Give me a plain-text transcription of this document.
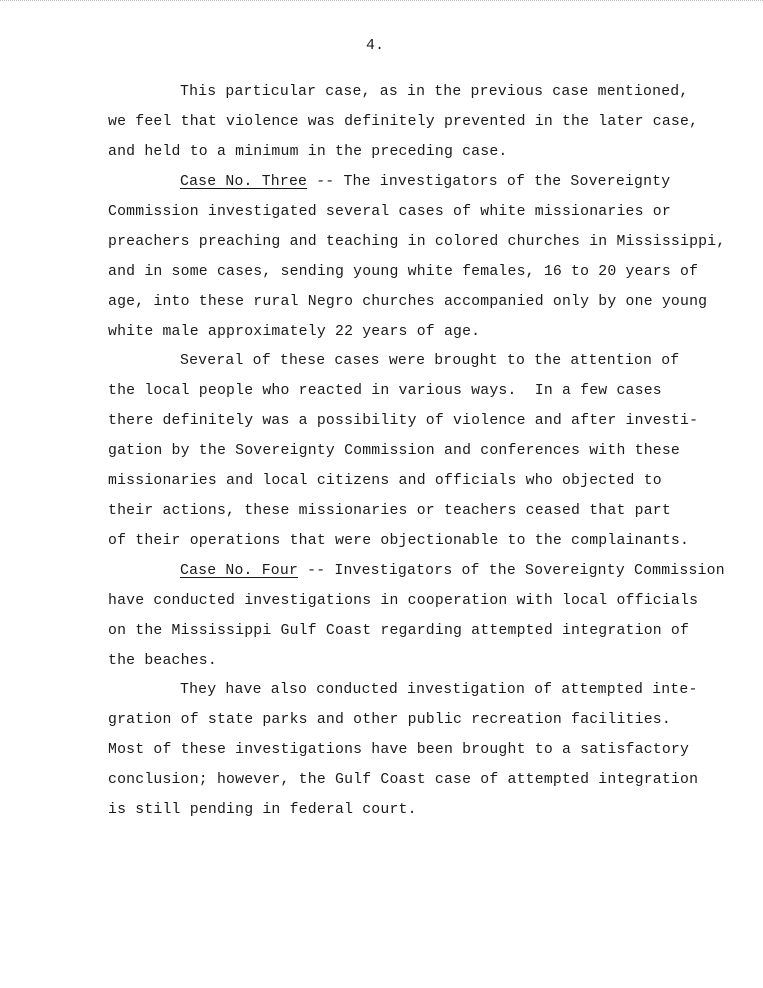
4.
This particular case, as in the previous case mentioned,
we feel that violence was definitely prevented in the later case,
and held to a minimum in the preceding case.
Case No. Three -- The investigators of the Sovereignty
Commission investigated several cases of white missionaries or
preachers preaching and teaching in colored churches in Mississippi,
and in some cases, sending young white females, 16 to 20 years of
age, into these rural Negro churches accompanied only by one young
white male approximately 22 years of age.
Several of these cases were brought to the attention of
the local people who reacted in various ways.  In a few cases
there definitely was a possibility of violence and after investi-
gation by the Sovereignty Commission and conferences with these
missionaries and local citizens and officials who objected to
their actions, these missionaries or teachers ceased that part
of their operations that were objectionable to the complainants.
Case No. Four -- Investigators of the Sovereignty Commission
have conducted investigations in cooperation with local officials
on the Mississippi Gulf Coast regarding attempted integration of
the beaches.
They have also conducted investigation of attempted inte-
gration of state parks and other public recreation facilities.
Most of these investigations have been brought to a satisfactory
conclusion; however, the Gulf Coast case of attempted integration
is still pending in federal court.
